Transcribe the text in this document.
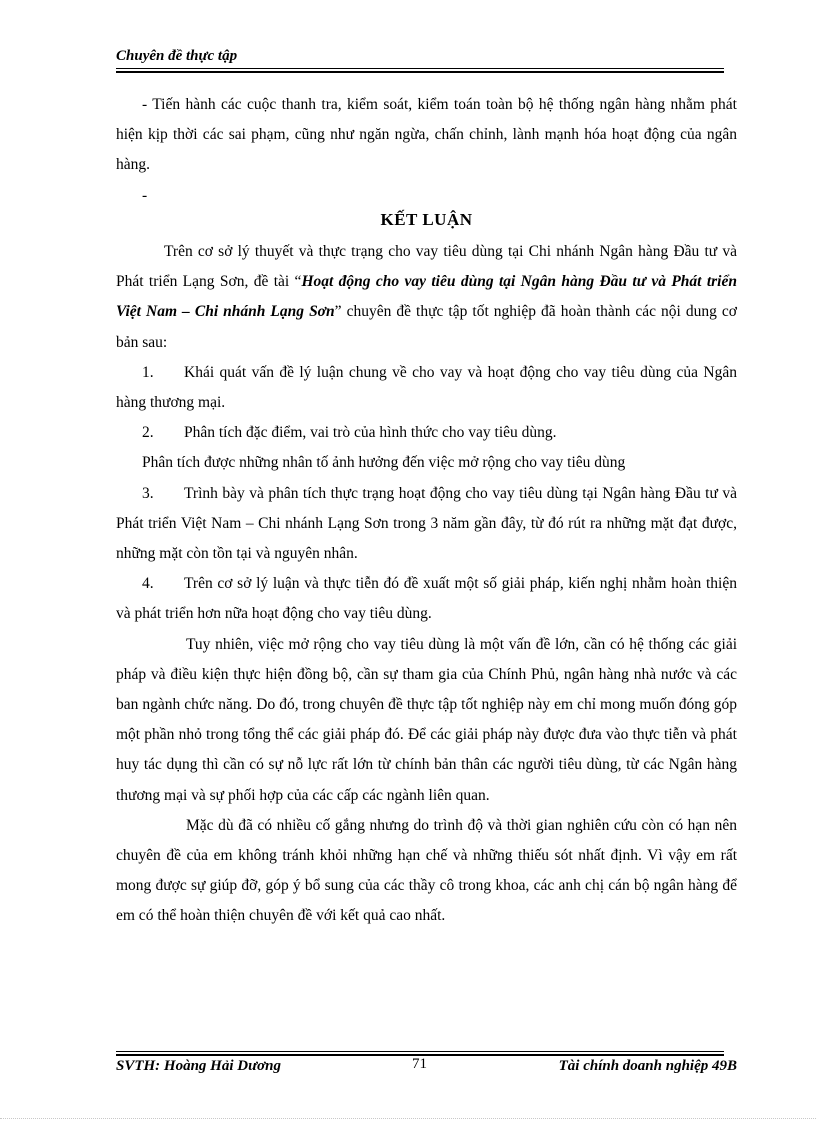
Chuyên đề thực tập

- Tiến hành các cuộc thanh tra, kiểm soát, kiểm toán toàn bộ hệ thống ngân hàng nhằm phát hiện kịp thời các sai phạm, cũng như ngăn ngừa, chấn chỉnh, lành mạnh hóa hoạt động của ngân hàng.

-

KẾT LUẬN

Trên cơ sở lý thuyết và thực trạng cho vay tiêu dùng tại Chi nhánh Ngân hàng Đầu tư và Phát triển Lạng Sơn, đề tài “Hoạt động cho vay tiêu dùng tại Ngân hàng Đầu tư và Phát triển Việt Nam – Chi nhánh Lạng Sơn” chuyên đề thực tập tốt nghiệp đã hoàn thành các nội dung cơ bản sau:

1. Khái quát vấn đề lý luận chung về cho vay và hoạt động cho vay tiêu dùng của Ngân hàng thương mại.

2. Phân tích đặc điểm, vai trò của hình thức cho vay tiêu dùng.

Phân tích được những nhân tố ảnh hưởng đến việc mở rộng cho vay tiêu dùng

3. Trình bày và phân tích thực trạng hoạt động cho vay tiêu dùng tại Ngân hàng Đầu tư và Phát triển Việt Nam – Chi nhánh Lạng Sơn trong 3 năm gần đây, từ đó rút ra những mặt đạt được, những mặt còn tồn tại và nguyên nhân.

4. Trên cơ sở lý luận và thực tiễn đó đề xuất một số giải pháp, kiến nghị nhằm hoàn thiện và phát triển hơn nữa hoạt động cho vay tiêu dùng.

Tuy nhiên, việc mở rộng cho vay tiêu dùng là một vấn đề lớn, cần có hệ thống các giải pháp và điều kiện thực hiện đồng bộ, cần sự tham gia của Chính Phủ, ngân hàng nhà nước và các ban ngành chức năng. Do đó, trong chuyên đề thực tập tốt nghiệp này em chỉ mong muốn đóng góp một phần nhỏ trong tổng thể các giải pháp đó. Để các giải pháp này được đưa vào thực tiễn và phát huy tác dụng thì cần có sự nỗ lực rất lớn từ chính bản thân các người tiêu dùng, từ các Ngân hàng thương mại và sự phối hợp của các cấp các ngành liên quan.

Mặc dù đã có nhiều cố gắng nhưng do trình độ và thời gian nghiên cứu còn có hạn nên chuyên đề của em không tránh khỏi những hạn chế và những thiếu sót nhất định. Vì vậy em rất mong được sự giúp đỡ, góp ý bổ sung của các thầy cô trong khoa, các anh chị cán bộ ngân hàng để em có thể hoàn thiện chuyên đề với kết quả cao nhất.

SVTH: Hoàng Hải Dương	71	Tài chính doanh nghiệp 49B
